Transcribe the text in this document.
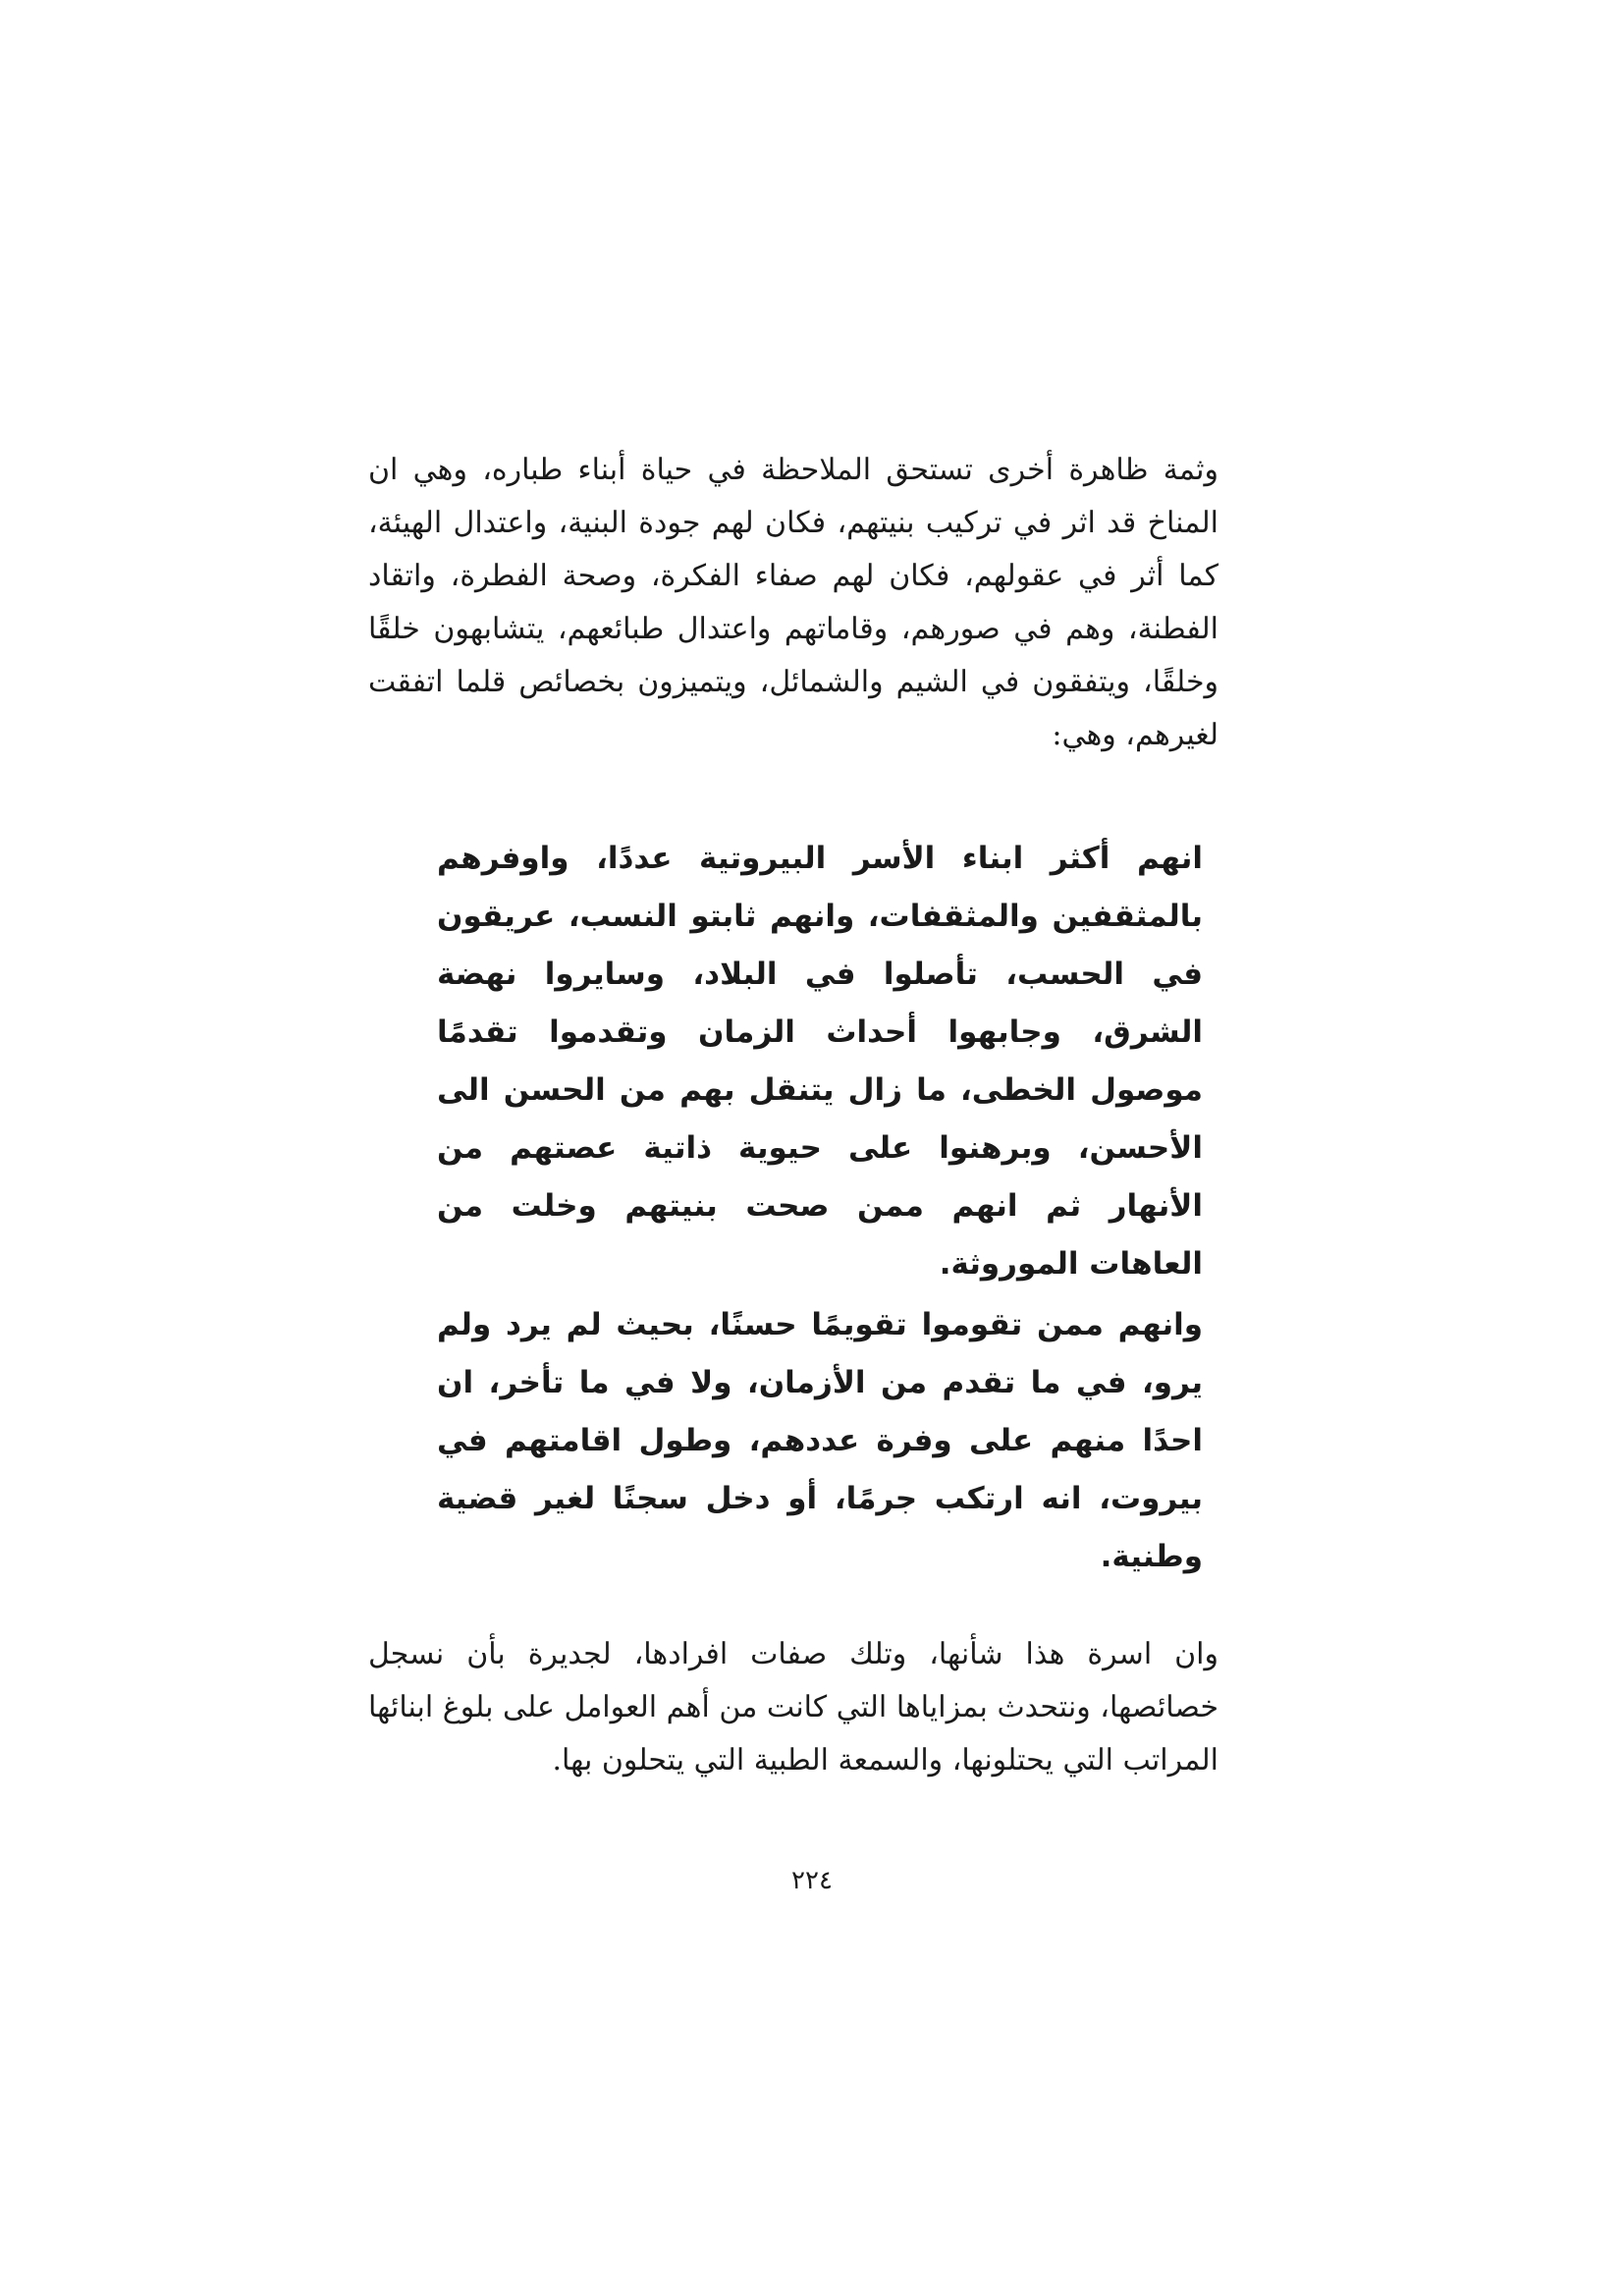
وثمة ظاهرة أخرى تستحق الملاحظة في حياة أبناء طباره، وهي ان المناخ قد اثر في تركيب بنيتهم، فكان لهم جودة البنية، واعتدال الهيئة، كما أثر في عقولهم، فكان لهم صفاء الفكرة، وصحة الفطرة، واتقاد الفطنة، وهم في صورهم، وقاماتهم واعتدال طبائعهم، يتشابهون خلقًا وخلقًا، ويتفقون في الشيم والشمائل، ويتميزون بخصائص قلما اتفقت لغيرهم، وهي:

انهم أكثر ابناء الأسر البيروتية عددًا، واوفرهم بالمثقفين والمثقفات، وانهم ثابتو النسب، عريقون في الحسب، تأصلوا في البلاد، وسايروا نهضة الشرق، وجابهوا أحداث الزمان وتقدموا تقدمًا موصول الخطى، ما زال يتنقل بهم من الحسن الى الأحسن، وبرهنوا على حيوية ذاتية عصتهم من الأنهار ثم انهم ممن صحت بنيتهم وخلت من العاهات الموروثة.

وانهم ممن تقوموا تقويمًا حسنًا، بحيث لم يرد ولم يرو، في ما تقدم من الأزمان، ولا في ما تأخر، ان احدًا منهم على وفرة عددهم، وطول اقامتهم في بيروت، انه ارتكب جرمًا، أو دخل سجنًا لغير قضية وطنية.

وان اسرة هذا شأنها، وتلك صفات افرادها، لجديرة بأن نسجل خصائصها، ونتحدث بمزاياها التي كانت من أهم العوامل على بلوغ ابنائها المراتب التي يحتلونها، والسمعة الطبية التي يتحلون بها.

٢٢٤
